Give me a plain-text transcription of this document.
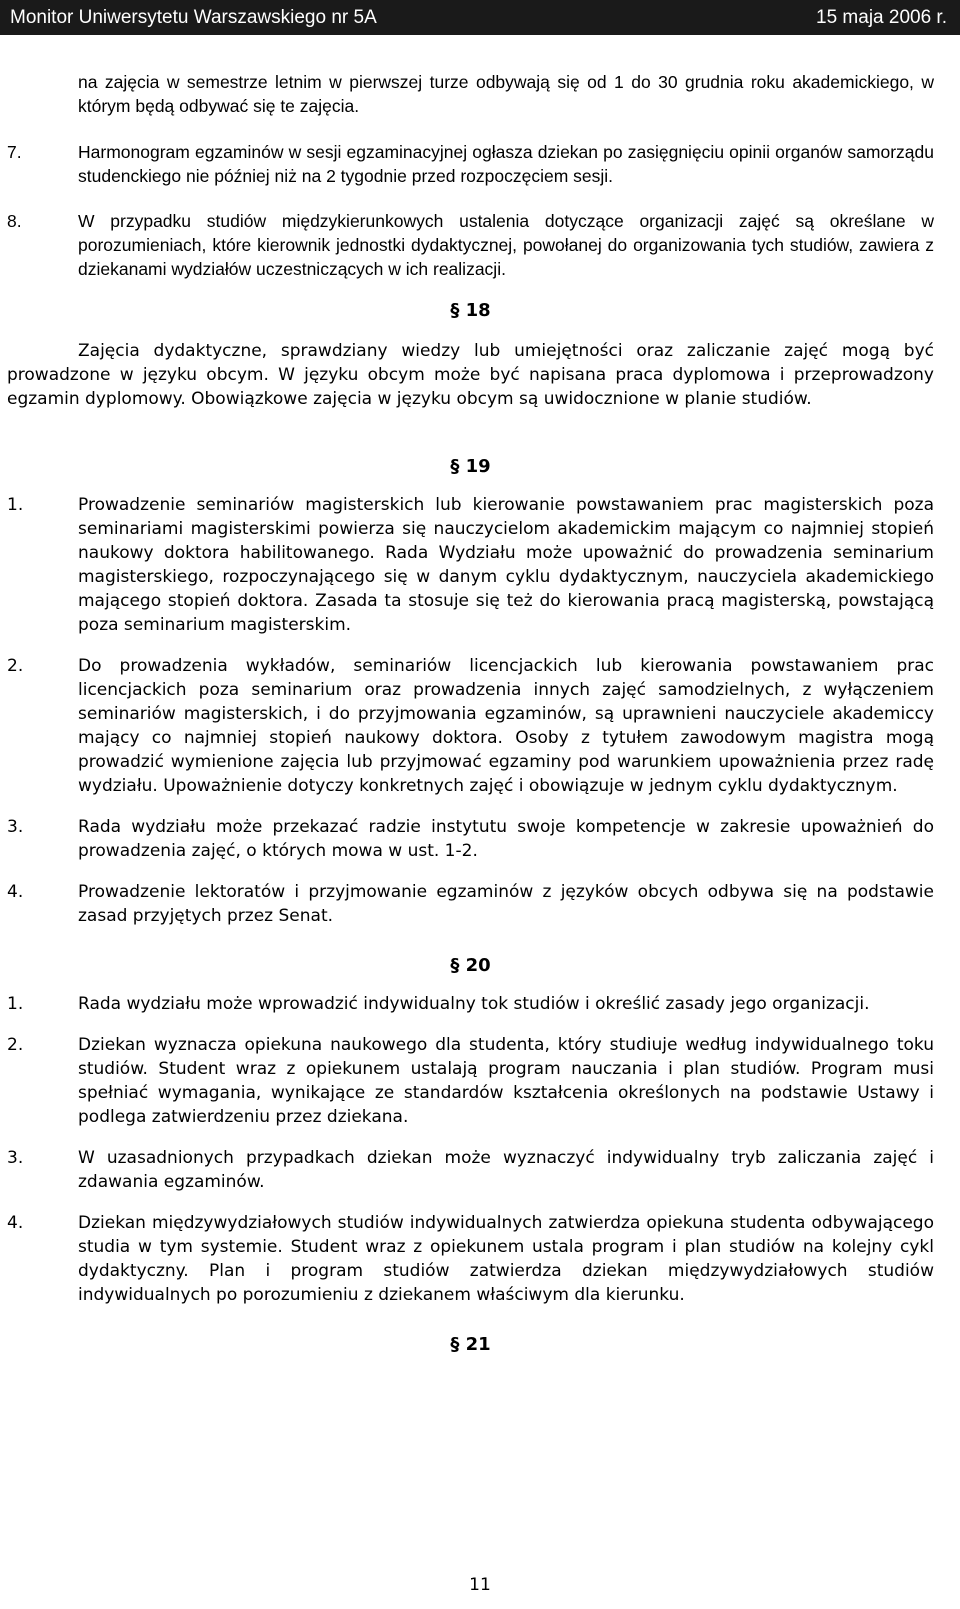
Monitor Uniwersytetu Warszawskiego nr 5A	15 maja 2006 r.

na zajęcia w semestrze letnim w pierwszej turze odbywają się od 1 do 30 grudnia roku akademickiego, w którym będą odbywać się te zajęcia.

7.	Harmonogram egzaminów w sesji egzaminacyjnej ogłasza dziekan po zasięgnięciu opinii organów samorządu studenckiego nie później niż na 2 tygodnie przed rozpoczęciem sesji.
8.	W przypadku studiów międzykierunkowych ustalenia dotyczące organizacji zajęć są określane w porozumieniach, które kierownik jednostki dydaktycznej, powołanej do organizowania tych studiów, zawiera z dziekanami wydziałów uczestniczących w ich realizacji.
§ 18

Zajęcia dydaktyczne, sprawdziany wiedzy lub umiejętności oraz zaliczanie zajęć mogą być prowadzone w języku obcym. W języku obcym może być napisana praca dyplomowa i przeprowadzony egzamin dyplomowy. Obowiązkowe zajęcia w języku obcym są uwidocznione w planie studiów.

§ 19
1.	Prowadzenie seminariów magisterskich lub kierowanie powstawaniem prac magisterskich poza seminariami magisterskimi powierza się nauczycielom akademickim mającym co najmniej stopień naukowy doktora habilitowanego. Rada Wydziału może upoważnić do prowadzenia seminarium magisterskiego, rozpoczynającego się w danym cyklu dydaktycznym, nauczyciela akademickiego mającego stopień doktora. Zasada ta stosuje się też do kierowania pracą magisterską, powstającą poza seminarium magisterskim.
2.	Do prowadzenia wykładów, seminariów licencjackich lub kierowania powstawaniem prac licencjackich poza seminarium oraz prowadzenia innych zajęć samodzielnych, z wyłączeniem seminariów magisterskich, i do przyjmowania egzaminów, są uprawnieni nauczyciele akademiccy mający co najmniej stopień naukowy doktora. Osoby z tytułem zawodowym magistra mogą prowadzić wymienione zajęcia lub przyjmować egzaminy pod warunkiem upoważnienia przez radę wydziału. Upoważnienie dotyczy konkretnych zajęć i obowiązuje w jednym cyklu dydaktycznym.
3.	Rada wydziału może przekazać radzie instytutu swoje kompetencje w zakresie upoważnień do prowadzenia zajęć, o których mowa w ust. 1-2.
4.	Prowadzenie lektoratów i przyjmowanie egzaminów z języków obcych odbywa się na podstawie zasad przyjętych przez Senat.
§ 20
1.	Rada wydziału może wprowadzić indywidualny tok studiów i określić zasady jego organizacji.
2.	Dziekan wyznacza opiekuna naukowego dla studenta, który studiuje według indywidualnego toku studiów. Student wraz z opiekunem ustalają program nauczania i plan studiów. Program musi spełniać wymagania, wynikające ze standardów kształcenia określonych na podstawie Ustawy i podlega zatwierdzeniu przez dziekana.
3.	W uzasadnionych przypadkach dziekan może wyznaczyć indywidualny tryb zaliczania zajęć i zdawania egzaminów.
4.	Dziekan międzywydziałowych studiów indywidualnych zatwierdza opiekuna studenta odbywającego studia w tym systemie. Student wraz z opiekunem ustala program i plan studiów na kolejny cykl dydaktyczny. Plan i program studiów zatwierdza dziekan międzywydziałowych studiów indywidualnych po porozumieniu z dziekanem właściwym dla kierunku.
§ 21
11
